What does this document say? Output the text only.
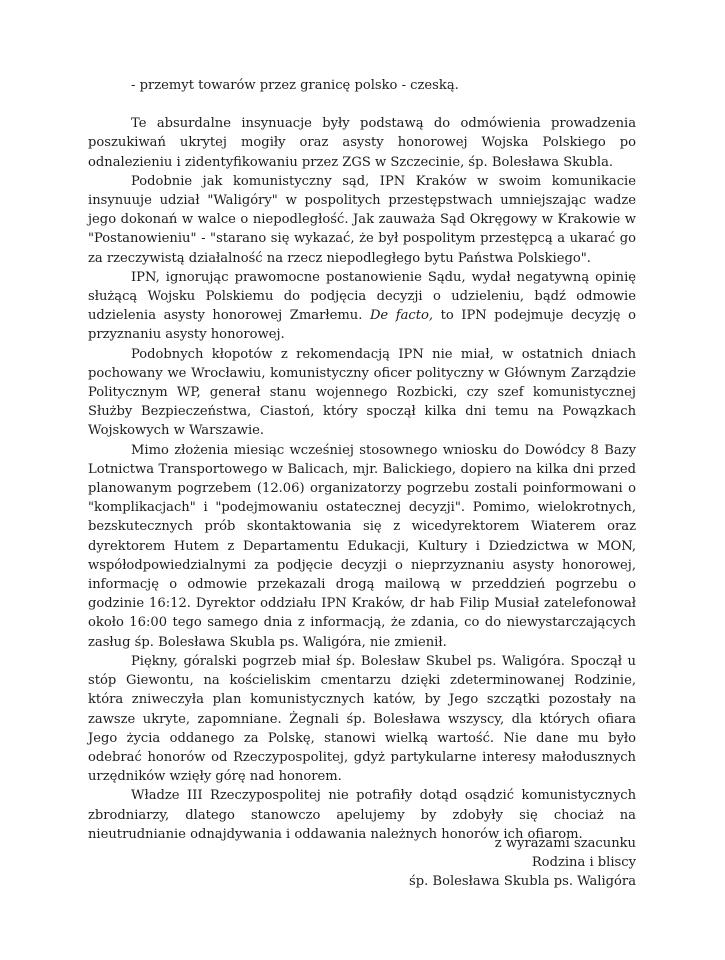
- przemyt towarów przez granicę polsko - czeską.

Te absurdalne insynuacje były podstawą do odmówienia prowadzenia poszukiwań ukrytej mogiły oraz asysty honorowej Wojska Polskiego po odnalezieniu i zidentyfikowaniu przez ZGS w Szczecinie, śp. Bolesława Skubla.

Podobnie jak komunistyczny sąd, IPN Kraków w swoim komunikacie insynuuje udział "Waligóry" w pospolitych przestępstwach umniejszając wadze jego dokonań w walce o niepodległość. Jak zauważa Sąd Okręgowy w Krakowie w "Postanowieniu" - "starano się wykazać, że był pospolitym przestępcą a ukarać go za rzeczywistą działalność na rzecz niepodległego bytu Państwa Polskiego".

IPN, ignorując prawomocne postanowienie Sądu, wydał negatywną opinię służącą Wojsku Polskiemu do podjęcia decyzji o udzieleniu, bądź odmowie udzielenia asysty honorowej Zmarłemu. De facto, to IPN podejmuje decyzję o przyznaniu asysty honorowej.

Podobnych kłopotów z rekomendacją IPN nie miał, w ostatnich dniach pochowany we Wrocławiu, komunistyczny oficer polityczny w Głównym Zarządzie Politycznym WP, generał stanu wojennego Rozbicki, czy szef komunistycznej Służby Bezpieczeństwa, Ciastoń, który spoczął kilka dni temu na Powązkach Wojskowych w Warszawie.

Mimo złożenia miesiąc wcześniej stosownego wniosku do Dowódcy 8 Bazy Lotnictwa Transportowego w Balicach, mjr. Balickiego, dopiero na kilka dni przed planowanym pogrzebem (12.06) organizatorzy pogrzebu zostali poinformowani o "komplikacjach" i "podejmowaniu ostatecznej decyzji". Pomimo, wielokrotnych, bezskutecznych prób skontaktowania się z wicedyrektorem Wiaterem oraz dyrektorem Hutem z Departamentu Edukacji, Kultury i Dziedzictwa w MON, współodpowiedzialnymi za podjęcie decyzji o nieprzyznaniu asysty honorowej, informację o odmowie przekazali drogą mailową w przeddzień pogrzebu o godzinie 16:12. Dyrektor oddziału IPN Kraków, dr hab Filip Musiał zatelefonował około 16:00 tego samego dnia z informacją, że zdania, co do niewystarczających zasług śp. Bolesława Skubla ps. Waligóra, nie zmienił.

Piękny, góralski pogrzeb miał śp. Bolesław Skubel ps. Waligóra. Spoczął u stóp Giewontu, na kościeliskim cmentarzu dzięki zdeterminowanej Rodzinie, która zniweczyła plan komunistycznych katów, by Jego szczątki pozostały na zawsze ukryte, zapomniane. Żegnali śp. Bolesława wszyscy, dla których ofiara Jego życia oddanego za Polskę, stanowi wielką wartość. Nie dane mu było odebrać honorów od Rzeczypospolitej, gdyż partykularne interesy małodusznych urzędników wzięły górę nad honorem.

Władze III Rzeczypospolitej nie potrafiły dotąd osądzić komunistycznych zbrodniarzy, dlatego stanowczo apelujemy by zdobyły się chociaż na nieutrudnianie odnajdywania i oddawania należnych honorów ich ofiarom.

z wyrazami szacunku
Rodzina i bliscy
śp. Bolesława Skubla ps. Waligóra
